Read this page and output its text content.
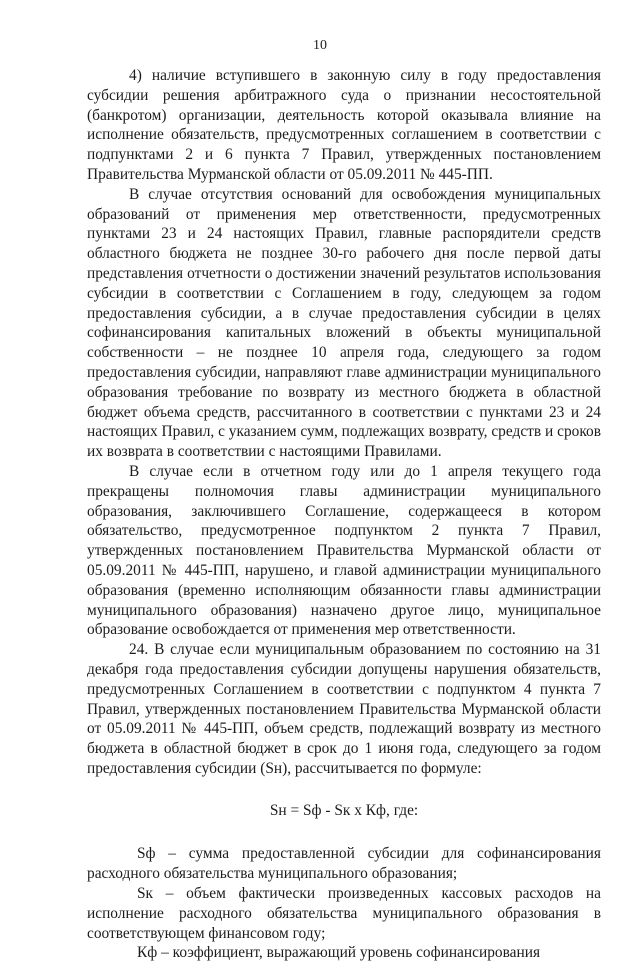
10

4) наличие вступившего в законную силу в году предоставления субсидии решения арбитражного суда о признании несостоятельной (банкротом) организации, деятельность которой оказывала влияние на исполнение обязательств, предусмотренных соглашением в соответствии с подпунктами 2 и 6 пункта 7 Правил, утвержденных постановлением Правительства Мурманской области от 05.09.2011 № 445-ПП.

В случае отсутствия оснований для освобождения муниципальных образований от применения мер ответственности, предусмотренных пунктами 23 и 24 настоящих Правил, главные распорядители средств областного бюджета не позднее 30-го рабочего дня после первой даты представления отчетности о достижении значений результатов использования субсидии в соответствии с Соглашением в году, следующем за годом предоставления субсидии, а в случае предоставления субсидии в целях софинансирования капитальных вложений в объекты муниципальной собственности – не позднее 10 апреля года, следующего за годом предоставления субсидии, направляют главе администрации муниципального образования требование по возврату из местного бюджета в областной бюджет объема средств, рассчитанного в соответствии с пунктами 23 и 24 настоящих Правил, с указанием сумм, подлежащих возврату, средств и сроков их возврата в соответствии с настоящими Правилами.

В случае если в отчетном году или до 1 апреля текущего года прекращены полномочия главы администрации муниципального образования, заключившего Соглашение, содержащееся в котором обязательство, предусмотренное подпунктом 2 пункта 7 Правил, утвержденных постановлением Правительства Мурманской области от 05.09.2011 № 445-ПП, нарушено, и главой администрации муниципального образования (временно исполняющим обязанности главы администрации муниципального образования) назначено другое лицо, муниципальное образование освобождается от применения мер ответственности.

24. В случае если муниципальным образованием по состоянию на 31 декабря года предоставления субсидии допущены нарушения обязательств, предусмотренных Соглашением в соответствии с подпунктом 4 пункта 7 Правил, утвержденных постановлением Правительства Мурманской области от 05.09.2011 № 445-ПП, объем средств, подлежащий возврату из местного бюджета в областной бюджет в срок до 1 июня года, следующего за годом предоставления субсидии (Sн), рассчитывается по формуле:

Sн = Sф - Sк x Кф, где:

Sф – сумма предоставленной субсидии для софинансирования расходного обязательства муниципального образования;

Sк – объем фактически произведенных кассовых расходов на исполнение расходного обязательства муниципального образования в соответствующем финансовом году;

Кф – коэффициент, выражающий уровень софинансирования
